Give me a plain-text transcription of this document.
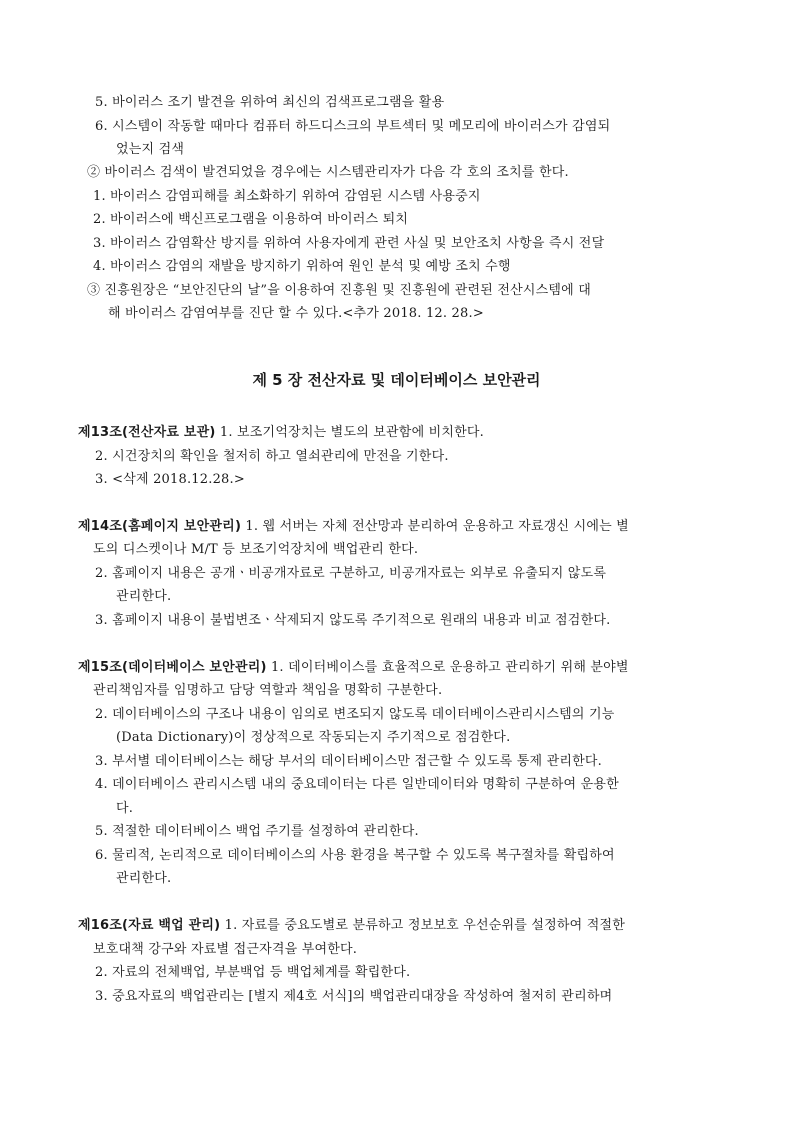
5. 바이러스 조기 발견을 위하여 최신의 검색프로그램을 활용
6. 시스템이 작동할 때마다 컴퓨터 하드디스크의 부트섹터 및 메모리에 바이러스가 감염되
었는지 검색
② 바이러스 검색이 발견되었을 경우에는 시스템관리자가 다음 각 호의 조치를 한다.
1. 바이러스 감염피해를 최소화하기 위하여 감염된 시스템 사용중지
2. 바이러스에 백신프로그램을 이용하여 바이러스 퇴치
3. 바이러스 감염확산 방지를 위하여 사용자에게 관련 사실 및 보안조치 사항을 즉시 전달
4. 바이러스 감염의 재발을 방지하기 위하여 원인 분석 및 예방 조치 수행
③ 진흥원장은 “보안진단의 날”을 이용하여 진흥원 및 진흥원에 관련된 전산시스템에 대
해 바이러스 감염여부를 진단 할 수 있다.<추가 2018. 12. 28.>
제 5 장 전산자료 및 데이터베이스 보안관리
제13조(전산자료 보관) 1. 보조기억장치는 별도의 보관함에 비치한다.
2. 시건장치의 확인을 철저히 하고 열쇠관리에 만전을 기한다.
3. <삭제 2018.12.28.>
제14조(홈페이지 보안관리) 1. 웹 서버는 자체 전산망과 분리하여 운용하고 자료갱신 시에는 별
도의 디스켓이나 M/T 등 보조기억장치에 백업관리 한다.
2. 홈페이지 내용은 공개ㆍ비공개자료로 구분하고, 비공개자료는 외부로 유출되지 않도록
관리한다.
3. 홈페이지 내용이 불법변조ㆍ삭제되지 않도록 주기적으로 원래의 내용과 비교 점검한다.
제15조(데이터베이스 보안관리) 1. 데이터베이스를 효율적으로 운용하고 관리하기 위해 분야별
관리책임자를 임명하고 담당 역할과 책임을 명확히 구분한다.
2. 데이터베이스의 구조나 내용이 임의로 변조되지 않도록 데이터베이스관리시스템의 기능
(Data Dictionary)이 정상적으로 작동되는지 주기적으로 점검한다.
3. 부서별 데이터베이스는 해당 부서의 데이터베이스만 접근할 수 있도록 통제 관리한다.
4. 데이터베이스 관리시스템 내의 중요데이터는 다른 일반데이터와 명확히 구분하여 운용한
다.
5. 적절한 데이터베이스 백업 주기를 설정하여 관리한다.
6. 물리적, 논리적으로 데이터베이스의 사용 환경을 복구할 수 있도록 복구절차를 확립하여
관리한다.
제16조(자료 백업 관리) 1. 자료를 중요도별로 분류하고 정보보호 우선순위를 설정하여 적절한
보호대책 강구와 자료별 접근자격을 부여한다.
2. 자료의 전체백업, 부분백업 등 백업체계를 확립한다.
3. 중요자료의 백업관리는 [별지 제4호 서식]의 백업관리대장을 작성하여 철저히 관리하며
